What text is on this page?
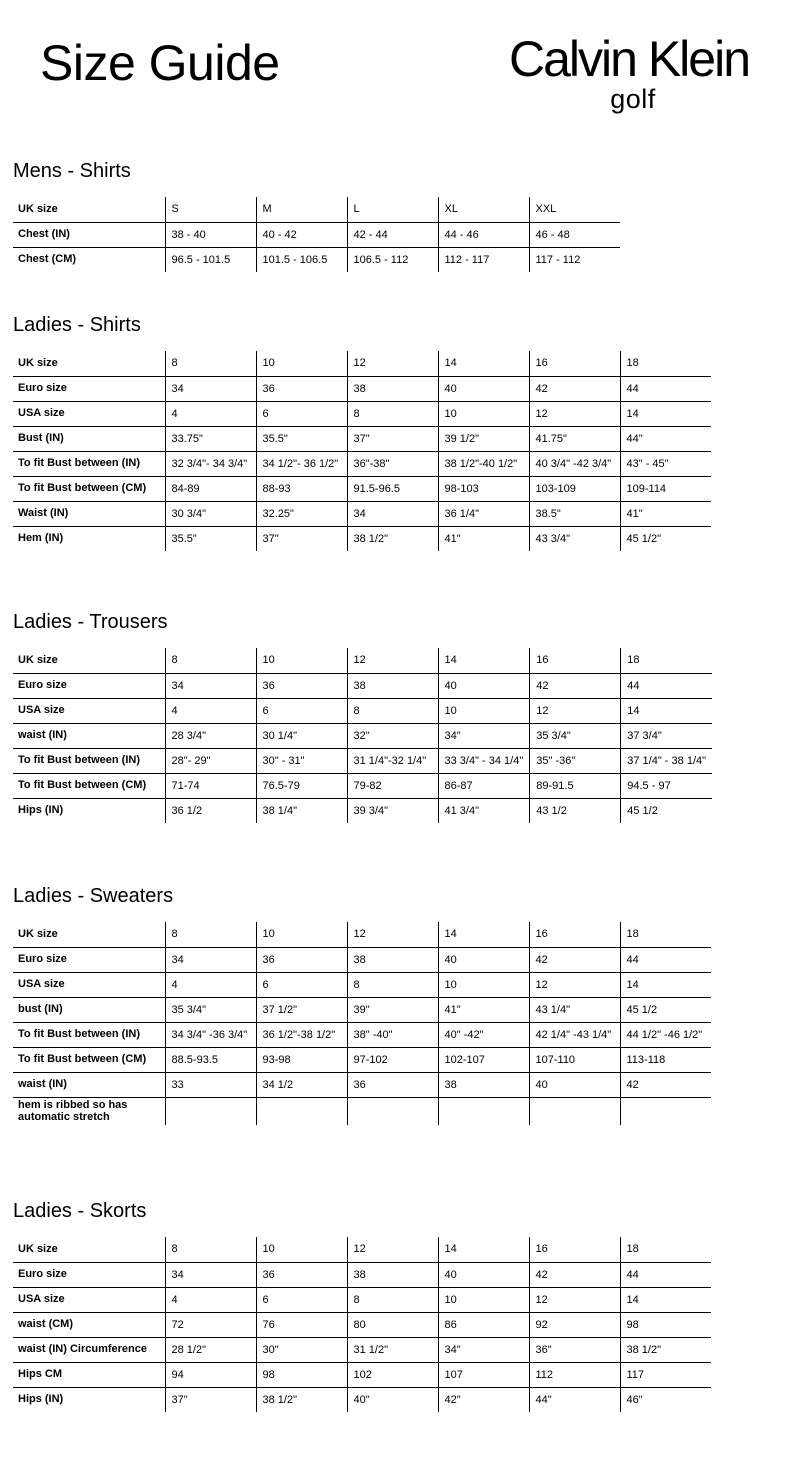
Size Guide	Calvin Klein
golf
Mens - Shirts
UK size	S	M	L	XL	XXL
Chest (IN)	38 - 40	40 - 42	42 - 44	44 - 46	46 - 48
Chest (CM)	96.5 - 101.5	101.5 - 106.5	106.5 - 112	112 - 117	117 - 112
Ladies - Shirts
UK size	8	10	12	14	16	18
Euro size	34	36	38	40	42	44
USA size	4	6	8	10	12	14
Bust (IN)	33.75"	35.5"	37"	39 1/2"	41.75"	44"
To fit Bust between (IN)	32 3/4"- 34 3/4"	34 1/2"- 36 1/2"	36"-38"	38 1/2"-40 1/2"	40 3/4" -42 3/4"	43" - 45"
To fit Bust between (CM)	84-89	88-93	91.5-96.5	98-103	103-109	109-114
Waist (IN)	30 3/4"	32.25"	34	36 1/4"	38.5"	41"
Hem (IN)	35.5"	37"	38 1/2"	41"	43 3/4"	45 1/2"
Ladies - Trousers
UK size	8	10	12	14	16	18
Euro size	34	36	38	40	42	44
USA size	4	6	8	10	12	14
waist (IN)	28 3/4"	30 1/4"	32"	34"	35 3/4"	37 3/4"
To fit Bust between (IN)	28"- 29"	30" - 31"	31 1/4"-32 1/4"	33 3/4" - 34 1/4"	35" -36"	37 1/4" - 38 1/4"
To fit Bust between (CM)	71-74	76.5-79	79-82	86-87	89-91.5	94.5 - 97
Hips (IN)	36 1/2	38 1/4"	39 3/4"	41 3/4"	43 1/2	45 1/2
Ladies - Sweaters
UK size	8	10	12	14	16	18
Euro size	34	36	38	40	42	44
USA size	4	6	8	10	12	14
bust (IN)	35 3/4"	37 1/2"	39"	41"	43 1/4"	45 1/2
To fit Bust between (IN)	34 3/4" -36 3/4"	36 1/2"-38 1/2"	38" -40"	40" -42"	42 1/4" -43 1/4"	44 1/2" -46 1/2"
To fit Bust between (CM)	88.5-93.5	93-98	97-102	102-107	107-110	113-118
waist (IN)	33	34 1/2	36	38	40	42
hem is ribbed so has automatic stretch						
Ladies - Skorts
UK size	8	10	12	14	16	18
Euro size	34	36	38	40	42	44
USA size	4	6	8	10	12	14
waist (CM)	72	76	80	86	92	98
waist (IN) Circumference	28 1/2"	30"	31 1/2"	34"	36"	38 1/2"
Hips CM	94	98	102	107	112	117
Hips (IN)	37"	38 1/2"	40"	42"	44"	46"
